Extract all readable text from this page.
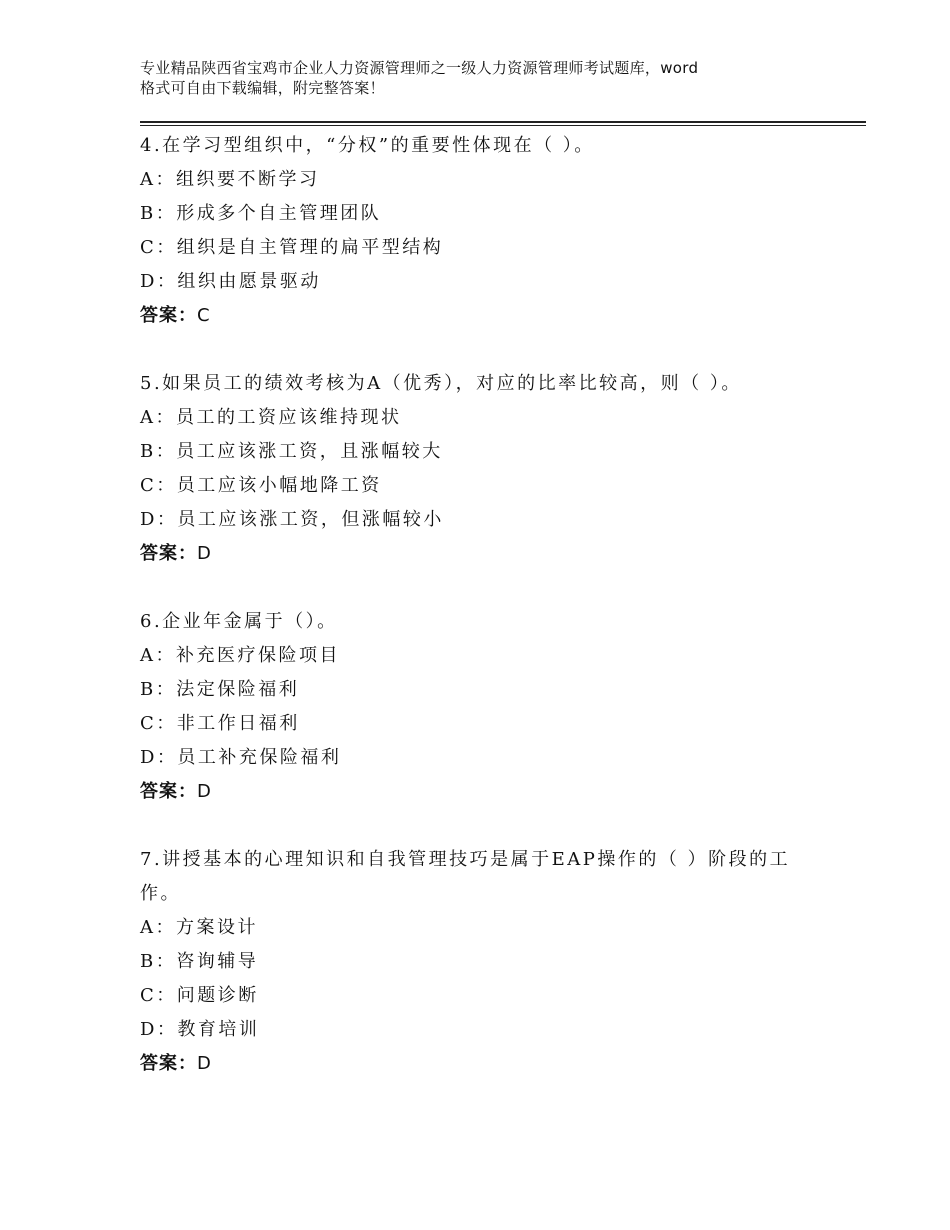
专业精品陕西省宝鸡市企业人力资源管理师之一级人力资源管理师考试题库，word
格式可自由下载编辑，附完整答案！
4.在学习型组织中，“分权”的重要性体现在（ ）。
A：组织要不断学习
B：形成多个自主管理团队
C：组织是自主管理的扁平型结构
D：组织由愿景驱动
答案：C
5.如果员工的绩效考核为A（优秀），对应的比率比较高，则（ ）。
A：员工的工资应该维持现状
B：员工应该涨工资，且涨幅较大
C：员工应该小幅地降工资
D：员工应该涨工资，但涨幅较小
答案：D
6.企业年金属于（）。
A：补充医疗保险项目
B：法定保险福利
C：非工作日福利
D：员工补充保险福利
答案：D
7.讲授基本的心理知识和自我管理技巧是属于EAP操作的（ ）阶段的工作。
A：方案设计
B：咨询辅导
C：问题诊断
D：教育培训
答案：D
